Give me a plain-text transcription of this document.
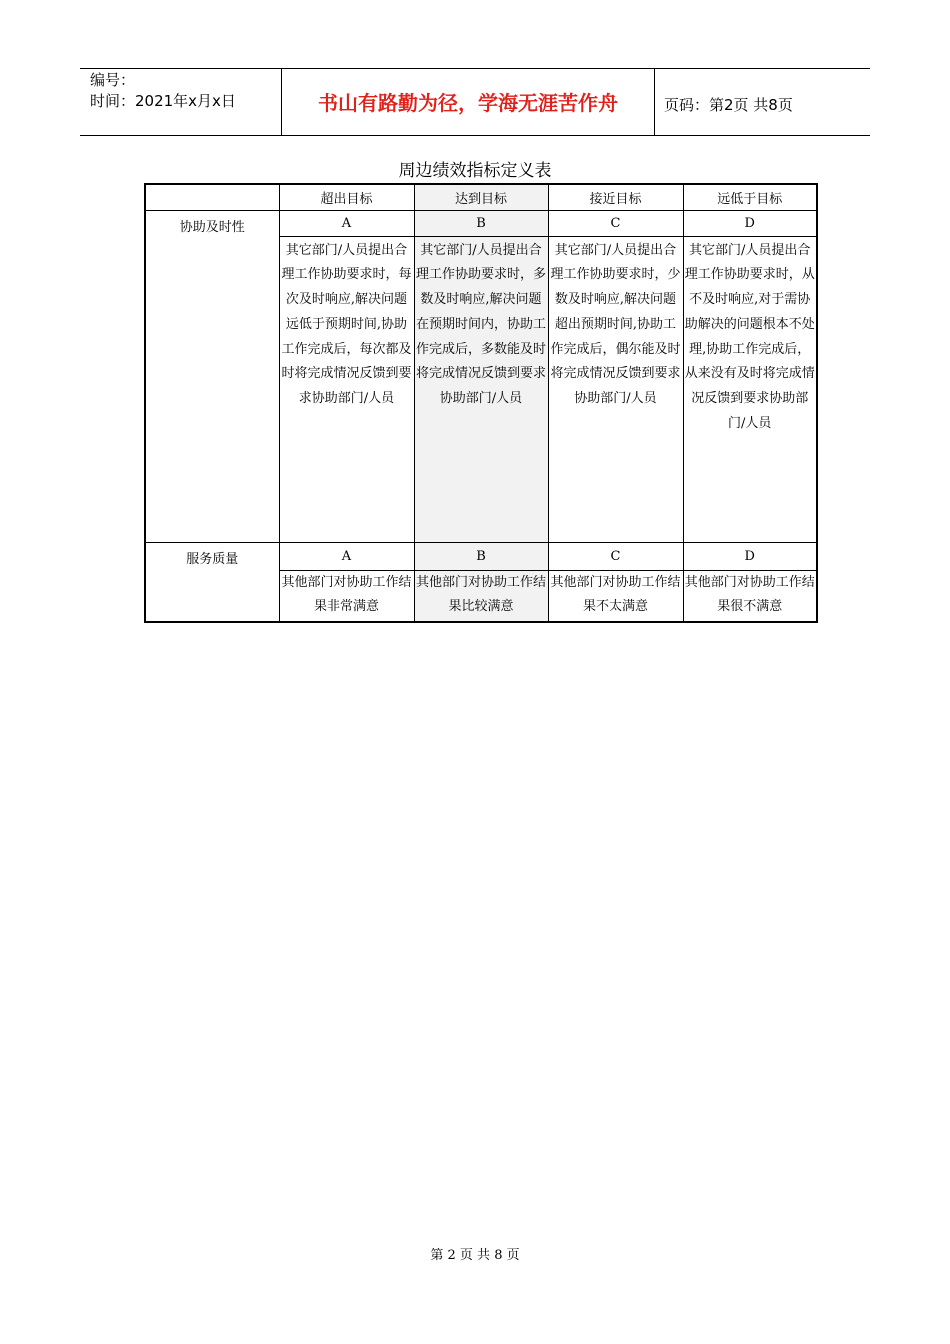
编号：
时间：2021年x月x日	书山有路勤为径，学海无涯苦作舟	页码：第2页 共8页
周边绩效指标定义表
	超出目标	达到目标	接近目标	远低于目标
协助及时性	A	B	C	D
	其它部门/人员提出合理工作协助要求时，每次及时响应,解决问题远低于预期时间,协助工作完成后，每次都及时将完成情况反馈到要求协助部门/人员	其它部门/人员提出合理工作协助要求时，多数及时响应,解决问题在预期时间内，协助工作完成后，多数能及时将完成情况反馈到要求协助部门/人员	其它部门/人员提出合理工作协助要求时，少数及时响应,解决问题超出预期时间,协助工作完成后，偶尔能及时将完成情况反馈到要求协助部门/人员	其它部门/人员提出合理工作协助要求时，从不及时响应,对于需协助解决的问题根本不处理,协助工作完成后，从来没有及时将完成情况反馈到要求协助部门/人员
服务质量	A	B	C	D
	其他部门对协助工作结果非常满意	其他部门对协助工作结果比较满意	其他部门对协助工作结果不太满意	其他部门对协助工作结果很不满意
第 2 页 共 8 页
